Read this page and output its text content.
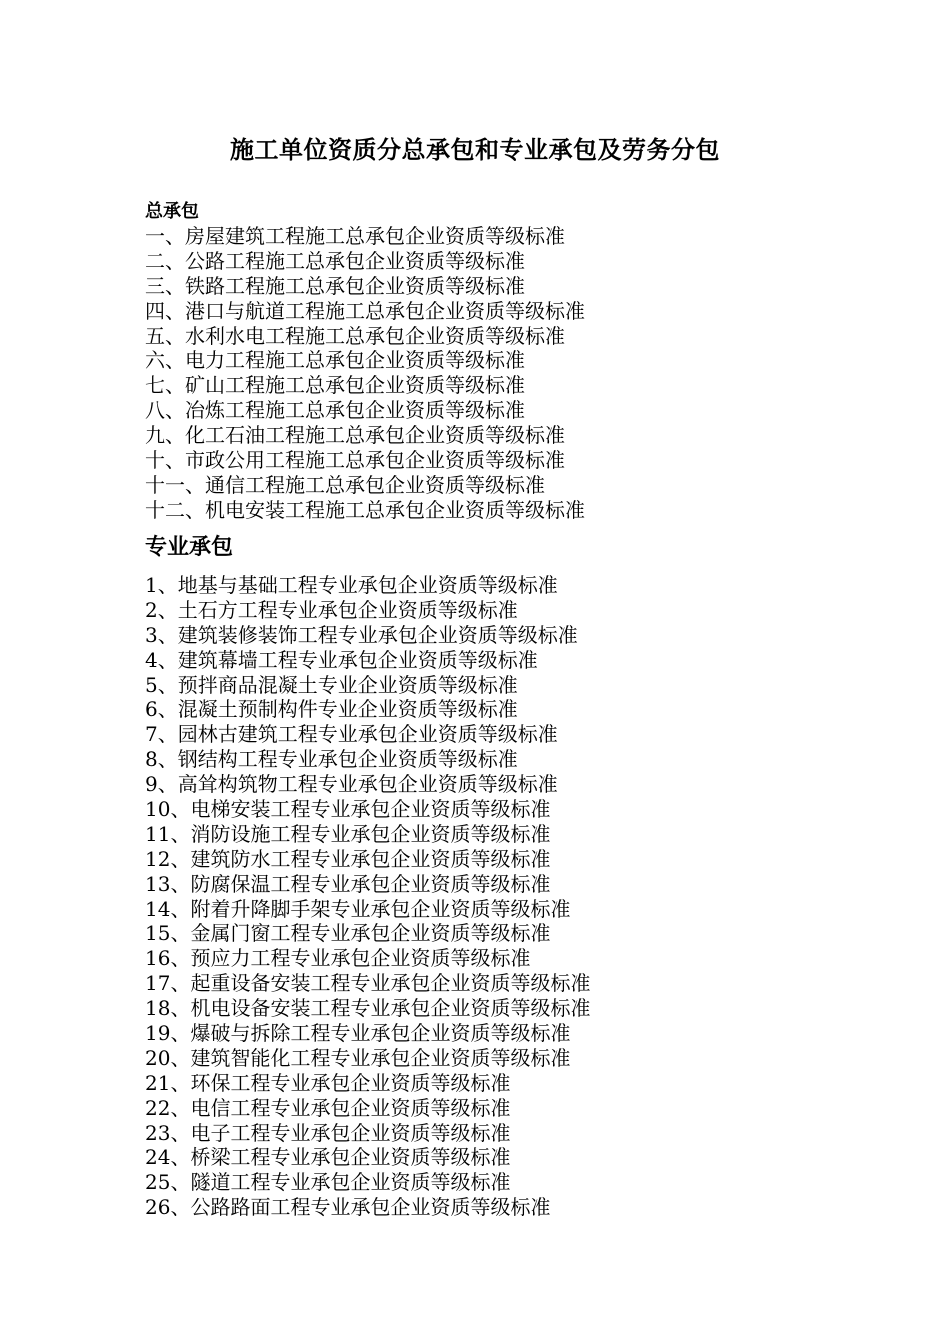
施工单位资质分总承包和专业承包及劳务分包
总承包
一、房屋建筑工程施工总承包企业资质等级标准
二、公路工程施工总承包企业资质等级标准
三、铁路工程施工总承包企业资质等级标准
四、港口与航道工程施工总承包企业资质等级标准
五、水利水电工程施工总承包企业资质等级标准
六、电力工程施工总承包企业资质等级标准
七、矿山工程施工总承包企业资质等级标准
八、冶炼工程施工总承包企业资质等级标准
九、化工石油工程施工总承包企业资质等级标准
十、市政公用工程施工总承包企业资质等级标准
十一、通信工程施工总承包企业资质等级标准
十二、机电安装工程施工总承包企业资质等级标准
专业承包
1、地基与基础工程专业承包企业资质等级标准
2、土石方工程专业承包企业资质等级标准
3、建筑装修装饰工程专业承包企业资质等级标准
4、建筑幕墙工程专业承包企业资质等级标准
5、预拌商品混凝土专业企业资质等级标准
6、混凝土预制构件专业企业资质等级标准
7、园林古建筑工程专业承包企业资质等级标准
8、钢结构工程专业承包企业资质等级标准
9、高耸构筑物工程专业承包企业资质等级标准
10、电梯安装工程专业承包企业资质等级标准
11、消防设施工程专业承包企业资质等级标准
12、建筑防水工程专业承包企业资质等级标准
13、防腐保温工程专业承包企业资质等级标准
14、附着升降脚手架专业承包企业资质等级标准
15、金属门窗工程专业承包企业资质等级标准
16、预应力工程专业承包企业资质等级标准
17、起重设备安装工程专业承包企业资质等级标准
18、机电设备安装工程专业承包企业资质等级标准
19、爆破与拆除工程专业承包企业资质等级标准
20、建筑智能化工程专业承包企业资质等级标准
21、环保工程专业承包企业资质等级标准
22、电信工程专业承包企业资质等级标准
23、电子工程专业承包企业资质等级标准
24、桥梁工程专业承包企业资质等级标准
25、隧道工程专业承包企业资质等级标准
26、公路路面工程专业承包企业资质等级标准
